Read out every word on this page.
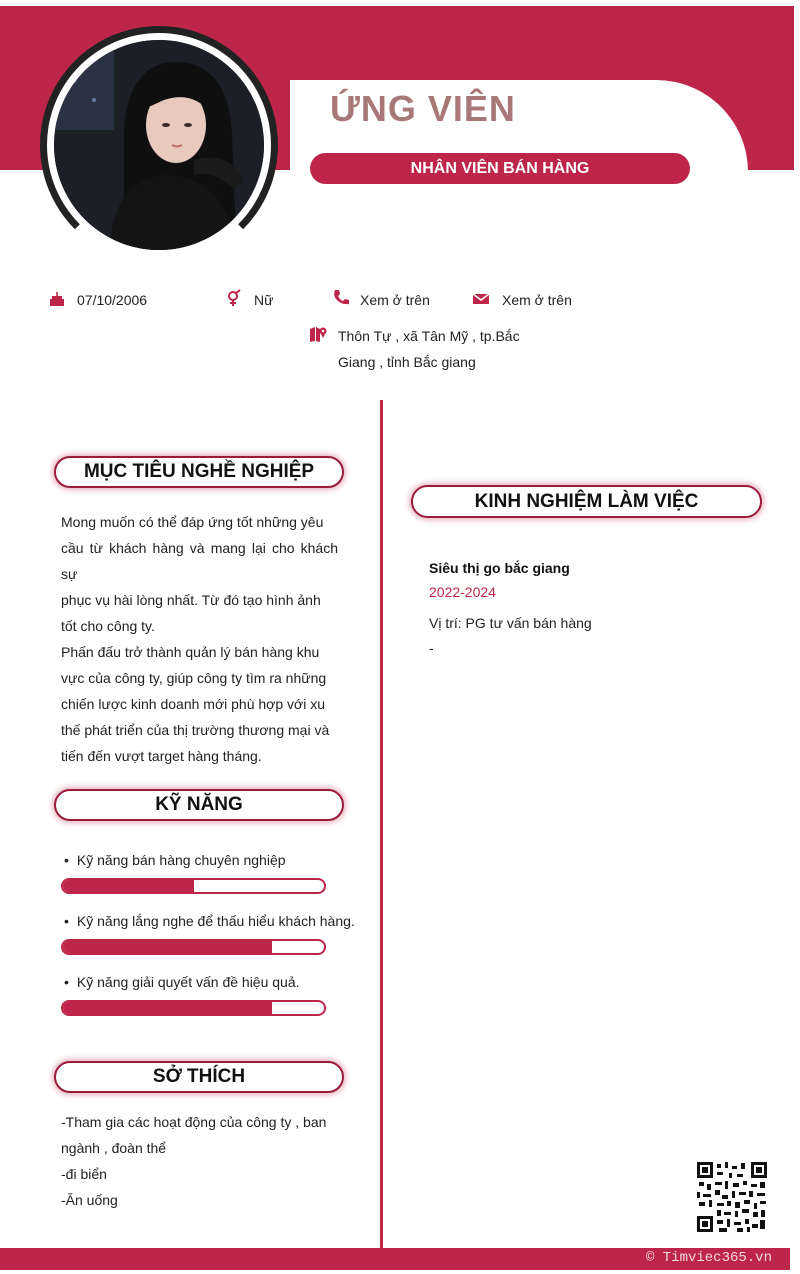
ỨNG VIÊN
NHÂN VIÊN BÁN HÀNG
07/10/2006	Nữ	Xem ở trên	Xem ở trên
Thôn Tự , xã Tân Mỹ , tp.Bắc
Giang , tỉnh Bắc giang
MỤC TIÊU NGHỀ NGHIỆP
Mong muốn có thể đáp ứng tốt những yêu
cầu từ khách hàng và mang lại cho khách sự
phục vụ hài lòng nhất. Từ đó tạo hình ảnh
tốt cho công ty.
Phấn đấu trở thành quản lý bán hàng khu
vực của công ty, giúp công ty tìm ra những
chiến lược kinh doanh mới phù hợp với xu
thế phát triển của thị trường thương mại và
tiến đến vượt target hàng tháng.
KỸ NĂNG
• Kỹ năng bán hàng chuyên nghiệp
• Kỹ năng lắng nghe để thấu hiểu khách hàng.
• Kỹ năng giải quyết vấn đề hiệu quả.
SỞ THÍCH
-Tham gia các hoạt động của công ty , ban
ngành , đoàn thể
-đi biển
-Ăn uống
KINH NGHIỆM LÀM VIỆC
Siêu thị go bắc giang
2022-2024
Vị trí: PG tư vấn bán hàng
-
© Timviec365.vn
